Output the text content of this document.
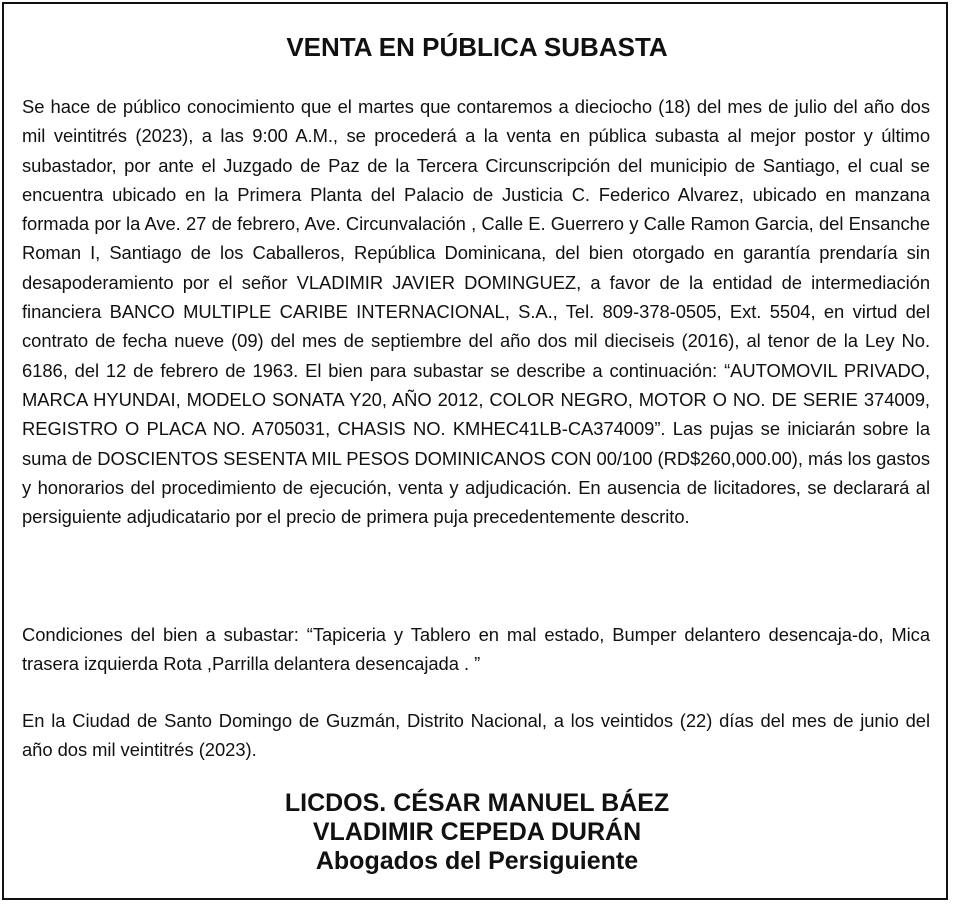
VENTA EN PÚBLICA SUBASTA

Se hace de público conocimiento que el martes que contaremos a dieciocho (18) del mes de julio del año dos mil veintitrés (2023), a las 9:00 A.M., se procederá a la venta en pública subasta al mejor postor y último subastador, por ante el Juzgado de Paz de la Tercera Circunscripción del municipio de Santiago, el cual se encuentra ubicado en la Primera Planta del Palacio de Justicia C. Federico Alvarez, ubicado en manzana formada por la Ave. 27 de febrero, Ave. Circunvalación , Calle E. Guerrero y Calle Ramon Garcia, del Ensanche Roman I, Santiago de los Caballeros, República Dominicana, del bien otorgado en garantía prendaría sin desapoderamiento por el señor VLADIMIR JAVIER DOMINGUEZ, a favor de la entidad de intermediación financiera BANCO MULTIPLE CARIBE INTERNACIONAL, S.A., Tel. 809-378-0505, Ext. 5504, en virtud del contrato de fecha nueve (09) del mes de septiembre del año dos mil dieciseis (2016), al tenor de la Ley No. 6186, del 12 de febrero de 1963. El bien para subastar se describe a continuación: “AUTOMOVIL PRIVADO, MARCA HYUNDAI, MODELO SONATA Y20, AÑO 2012, COLOR NEGRO, MOTOR O NO. DE SERIE 374009, REGISTRO O PLACA NO. A705031, CHASIS NO. KMHEC41LB-CA374009”. Las pujas se iniciarán sobre la suma de DOSCIENTOS SESENTA MIL PESOS DOMINICANOS CON 00/100 (RD$260,000.00), más los gastos y honorarios del procedimiento de ejecución, venta y adjudicación. En ausencia de licitadores, se declarará al persiguiente adjudicatario por el precio de primera puja precedentemente descrito.

Condiciones del bien a subastar: “Tapiceria y Tablero en mal estado, Bumper delantero desencaja-do, Mica trasera izquierda Rota ,Parrilla delantera desencajada . ”

En la Ciudad de Santo Domingo de Guzmán, Distrito Nacional, a los veintidos (22) días del mes de junio del año dos mil veintitrés (2023).

LICDOS. CÉSAR MANUEL BÁEZ
VLADIMIR CEPEDA DURÁN
Abogados del Persiguiente
